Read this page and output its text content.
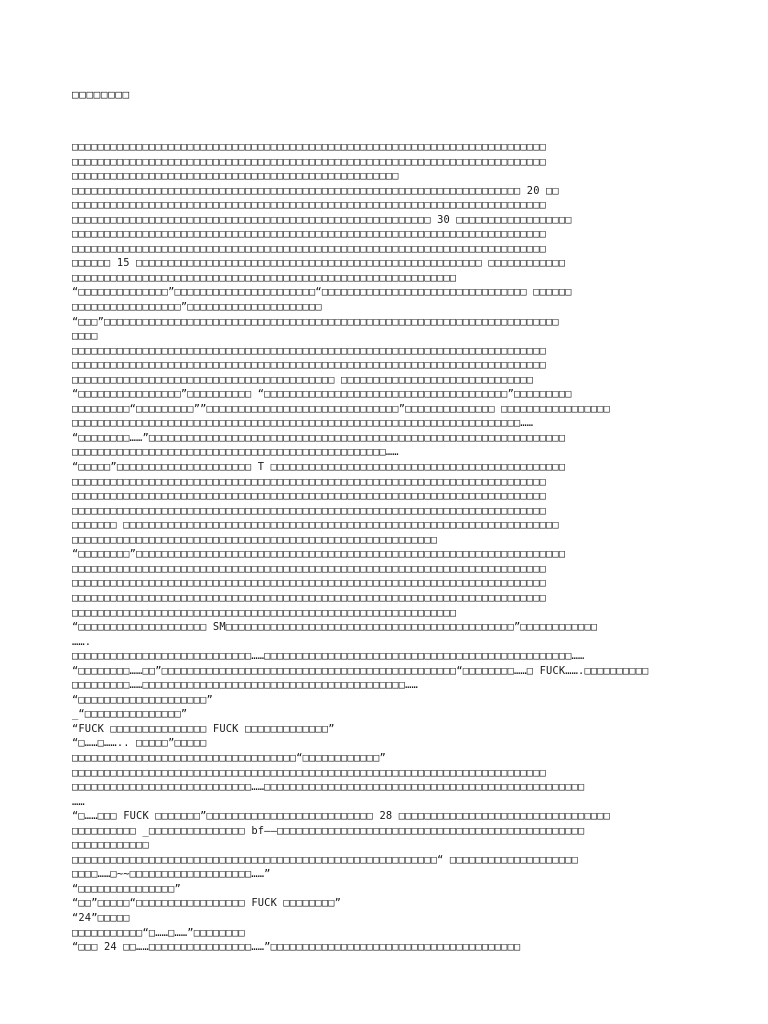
□□□□□□□□
□□□□□□□□□□□□□□□□□□□□□□□□□□□□□□□□□□□□□□□□□□□□□□□□□□□□□□□□□□□□□□□□□□□□□□□□□□
□□□□□□□□□□□□□□□□□□□□□□□□□□□□□□□□□□□□□□□□□□□□□□□□□□□□□□□□□□□□□□□□□□□□□□□□□□
□□□□□□□□□□□□□□□□□□□□□□□□□□□□□□□□□□□□□□□□□□□□□□□□□□□
□□□□□□□□□□□□□□□□□□□□□□□□□□□□□□□□□□□□□□□□□□□□□□□□□□□□□□□□□□□□□□□□□□□□□□ 20 □□
□□□□□□□□□□□□□□□□□□□□□□□□□□□□□□□□□□□□□□□□□□□□□□□□□□□□□□□□□□□□□□□□□□□□□□□□□□
□□□□□□□□□□□□□□□□□□□□□□□□□□□□□□□□□□□□□□□□□□□□□□□□□□□□□□□□ 30 □□□□□□□□□□□□□□□□□□
□□□□□□□□□□□□□□□□□□□□□□□□□□□□□□□□□□□□□□□□□□□□□□□□□□□□□□□□□□□□□□□□□□□□□□□□□□
□□□□□□□□□□□□□□□□□□□□□□□□□□□□□□□□□□□□□□□□□□□□□□□□□□□□□□□□□□□□□□□□□□□□□□□□□□
□□□□□□ 15 □□□□□□□□□□□□□□□□□□□□□□□□□□□□□□□□□□□□□□□□□□□□□□□□□□□□□□ □□□□□□□□□□□□
□□□□□□□□□□□□□□□□□□□□□□□□□□□□□□□□□□□□□□□□□□□□□□□□□□□□□□□□□□□□
“□□□□□□□□□□□□□□”□□□□□□□□□□□□□□□□□□□□□□“□□□□□□□□□□□□□□□□□□□□□□□□□□□□□□□□ □□□□□□
□□□□□□□□□□□□□□□□□”□□□□□□□□□□□□□□□□□□□□□
“□□□”□□□□□□□□□□□□□□□□□□□□□□□□□□□□□□□□□□□□□□□□□□□□□□□□□□□□□□□□□□□□□□□□□□□□□□□
□□□□
□□□□□□□□□□□□□□□□□□□□□□□□□□□□□□□□□□□□□□□□□□□□□□□□□□□□□□□□□□□□□□□□□□□□□□□□□□
□□□□□□□□□□□□□□□□□□□□□□□□□□□□□□□□□□□□□□□□□□□□□□□□□□□□□□□□□□□□□□□□□□□□□□□□□□
□□□□□□□□□□□□□□□□□□□□□□□□□□□□□□□□□□□□□□□□□ □□□□□□□□□□□□□□□□□□□□□□□□□□□□□□
“□□□□□□□□□□□□□□□□”□□□□□□□□□□ “□□□□□□□□□□□□□□□□□□□□□□□□□□□□□□□□□□□□□□”□□□□□□□□□
□□□□□□□□□“□□□□□□□□□””□□□□□□□□□□□□□□□□□□□□□□□□□□□□□□”□□□□□□□□□□□□□□ □□□□□□□□□□□□□□□□□
□□□□□□□□□□□□□□□□□□□□□□□□□□□□□□□□□□□□□□□□□□□□□□□□□□□□□□□□□□□□□□□□□□□□□□……
“□□□□□□□□……”□□□□□□□□□□□□□□□□□□□□□□□□□□□□□□□□□□□□□□□□□□□□□□□□□□□□□□□□□□□□□□□□□
□□□□□□□□□□□□□□□□□□□□□□□□□□□□□□□□□□□□□□□□□□□□□□□□□……
“□□□□□”□□□□□□□□□□□□□□□□□□□□□ T □□□□□□□□□□□□□□□□□□□□□□□□□□□□□□□□□□□□□□□□□□□□□□
□□□□□□□□□□□□□□□□□□□□□□□□□□□□□□□□□□□□□□□□□□□□□□□□□□□□□□□□□□□□□□□□□□□□□□□□□□
□□□□□□□□□□□□□□□□□□□□□□□□□□□□□□□□□□□□□□□□□□□□□□□□□□□□□□□□□□□□□□□□□□□□□□□□□□
□□□□□□□□□□□□□□□□□□□□□□□□□□□□□□□□□□□□□□□□□□□□□□□□□□□□□□□□□□□□□□□□□□□□□□□□□□
□□□□□□□ □□□□□□□□□□□□□□□□□□□□□□□□□□□□□□□□□□□□□□□□□□□□□□□□□□□□□□□□□□□□□□□□□□□□
□□□□□□□□□□□□□□□□□□□□□□□□□□□□□□□□□□□□□□□□□□□□□□□□□□□□□□□□□
“□□□□□□□□”□□□□□□□□□□□□□□□□□□□□□□□□□□□□□□□□□□□□□□□□□□□□□□□□□□□□□□□□□□□□□□□□□□□
□□□□□□□□□□□□□□□□□□□□□□□□□□□□□□□□□□□□□□□□□□□□□□□□□□□□□□□□□□□□□□□□□□□□□□□□□□
□□□□□□□□□□□□□□□□□□□□□□□□□□□□□□□□□□□□□□□□□□□□□□□□□□□□□□□□□□□□□□□□□□□□□□□□□□
□□□□□□□□□□□□□□□□□□□□□□□□□□□□□□□□□□□□□□□□□□□□□□□□□□□□□□□□□□□□□□□□□□□□□□□□□□
□□□□□□□□□□□□□□□□□□□□□□□□□□□□□□□□□□□□□□□□□□□□□□□□□□□□□□□□□□□□
“□□□□□□□□□□□□□□□□□□□□ SM□□□□□□□□□□□□□□□□□□□□□□□□□□□□□□□□□□□□□□□□□□□□□”□□□□□□□□□□□□
…….
□□□□□□□□□□□□□□□□□□□□□□□□□□□□……□□□□□□□□□□□□□□□□□□□□□□□□□□□□□□□□□□□□□□□□□□□□□□□□……
“□□□□□□□□……□□”□□□□□□□□□□□□□□□□□□□□□□□□□□□□□□□□□□□□□□□□□□□□□□“□□□□□□□□……□ FUCK…….□□□□□□□□□□
□□□□□□□□□……□□□□□□□□□□□□□□□□□□□□□□□□□□□□□□□□□□□□□□□□□……
“□□□□□□□□□□□□□□□□□□□□”
_“□□□□□□□□□□□□□□□”
“FUCK □□□□□□□□□□□□□□□ FUCK □□□□□□□□□□□□□”
“□……□…….. □□□□□”□□□□□
□□□□□□□□□□□□□□□□□□□□□□□□□□□□□□□□□□□“□□□□□□□□□□□□”
□□□□□□□□□□□□□□□□□□□□□□□□□□□□□□□□□□□□□□□□□□□□□□□□□□□□□□□□□□□□□□□□□□□□□□□□□□
□□□□□□□□□□□□□□□□□□□□□□□□□□□□……□□□□□□□□□□□□□□□□□□□□□□□□□□□□□□□□□□□□□□□□□□□□□□□□□□
……
“□……□□□ FUCK □□□□□□□”□□□□□□□□□□□□□□□□□□□□□□□□□□ 28 □□□□□□□□□□□□□□□□□□□□□□□□□□□□□□□□□
□□□□□□□□□□ _□□□□□□□□□□□□□□□ bf——□□□□□□□□□□□□□□□□□□□□□□□□□□□□□□□□□□□□□□□□□□□□□□□□
□□□□□□□□□□□□
□□□□□□□□□□□□□□□□□□□□□□□□□□□□□□□□□□□□□□□□□□□□□□□□□□□□□□□□□“ □□□□□□□□□□□□□□□□□□□□
□□□□……□~~□□□□□□□□□□□□□□□□□□□……”
“□□□□□□□□□□□□□□□”
“□□”□□□□□“□□□□□□□□□□□□□□□□□ FUCK □□□□□□□□”
“24”□□□□□
□□□□□□□□□□□“□……□……”□□□□□□□□
“□□□ 24 □□……□□□□□□□□□□□□□□□□……”□□□□□□□□□□□□□□□□□□□□□□□□□□□□□□□□□□□□□□□
